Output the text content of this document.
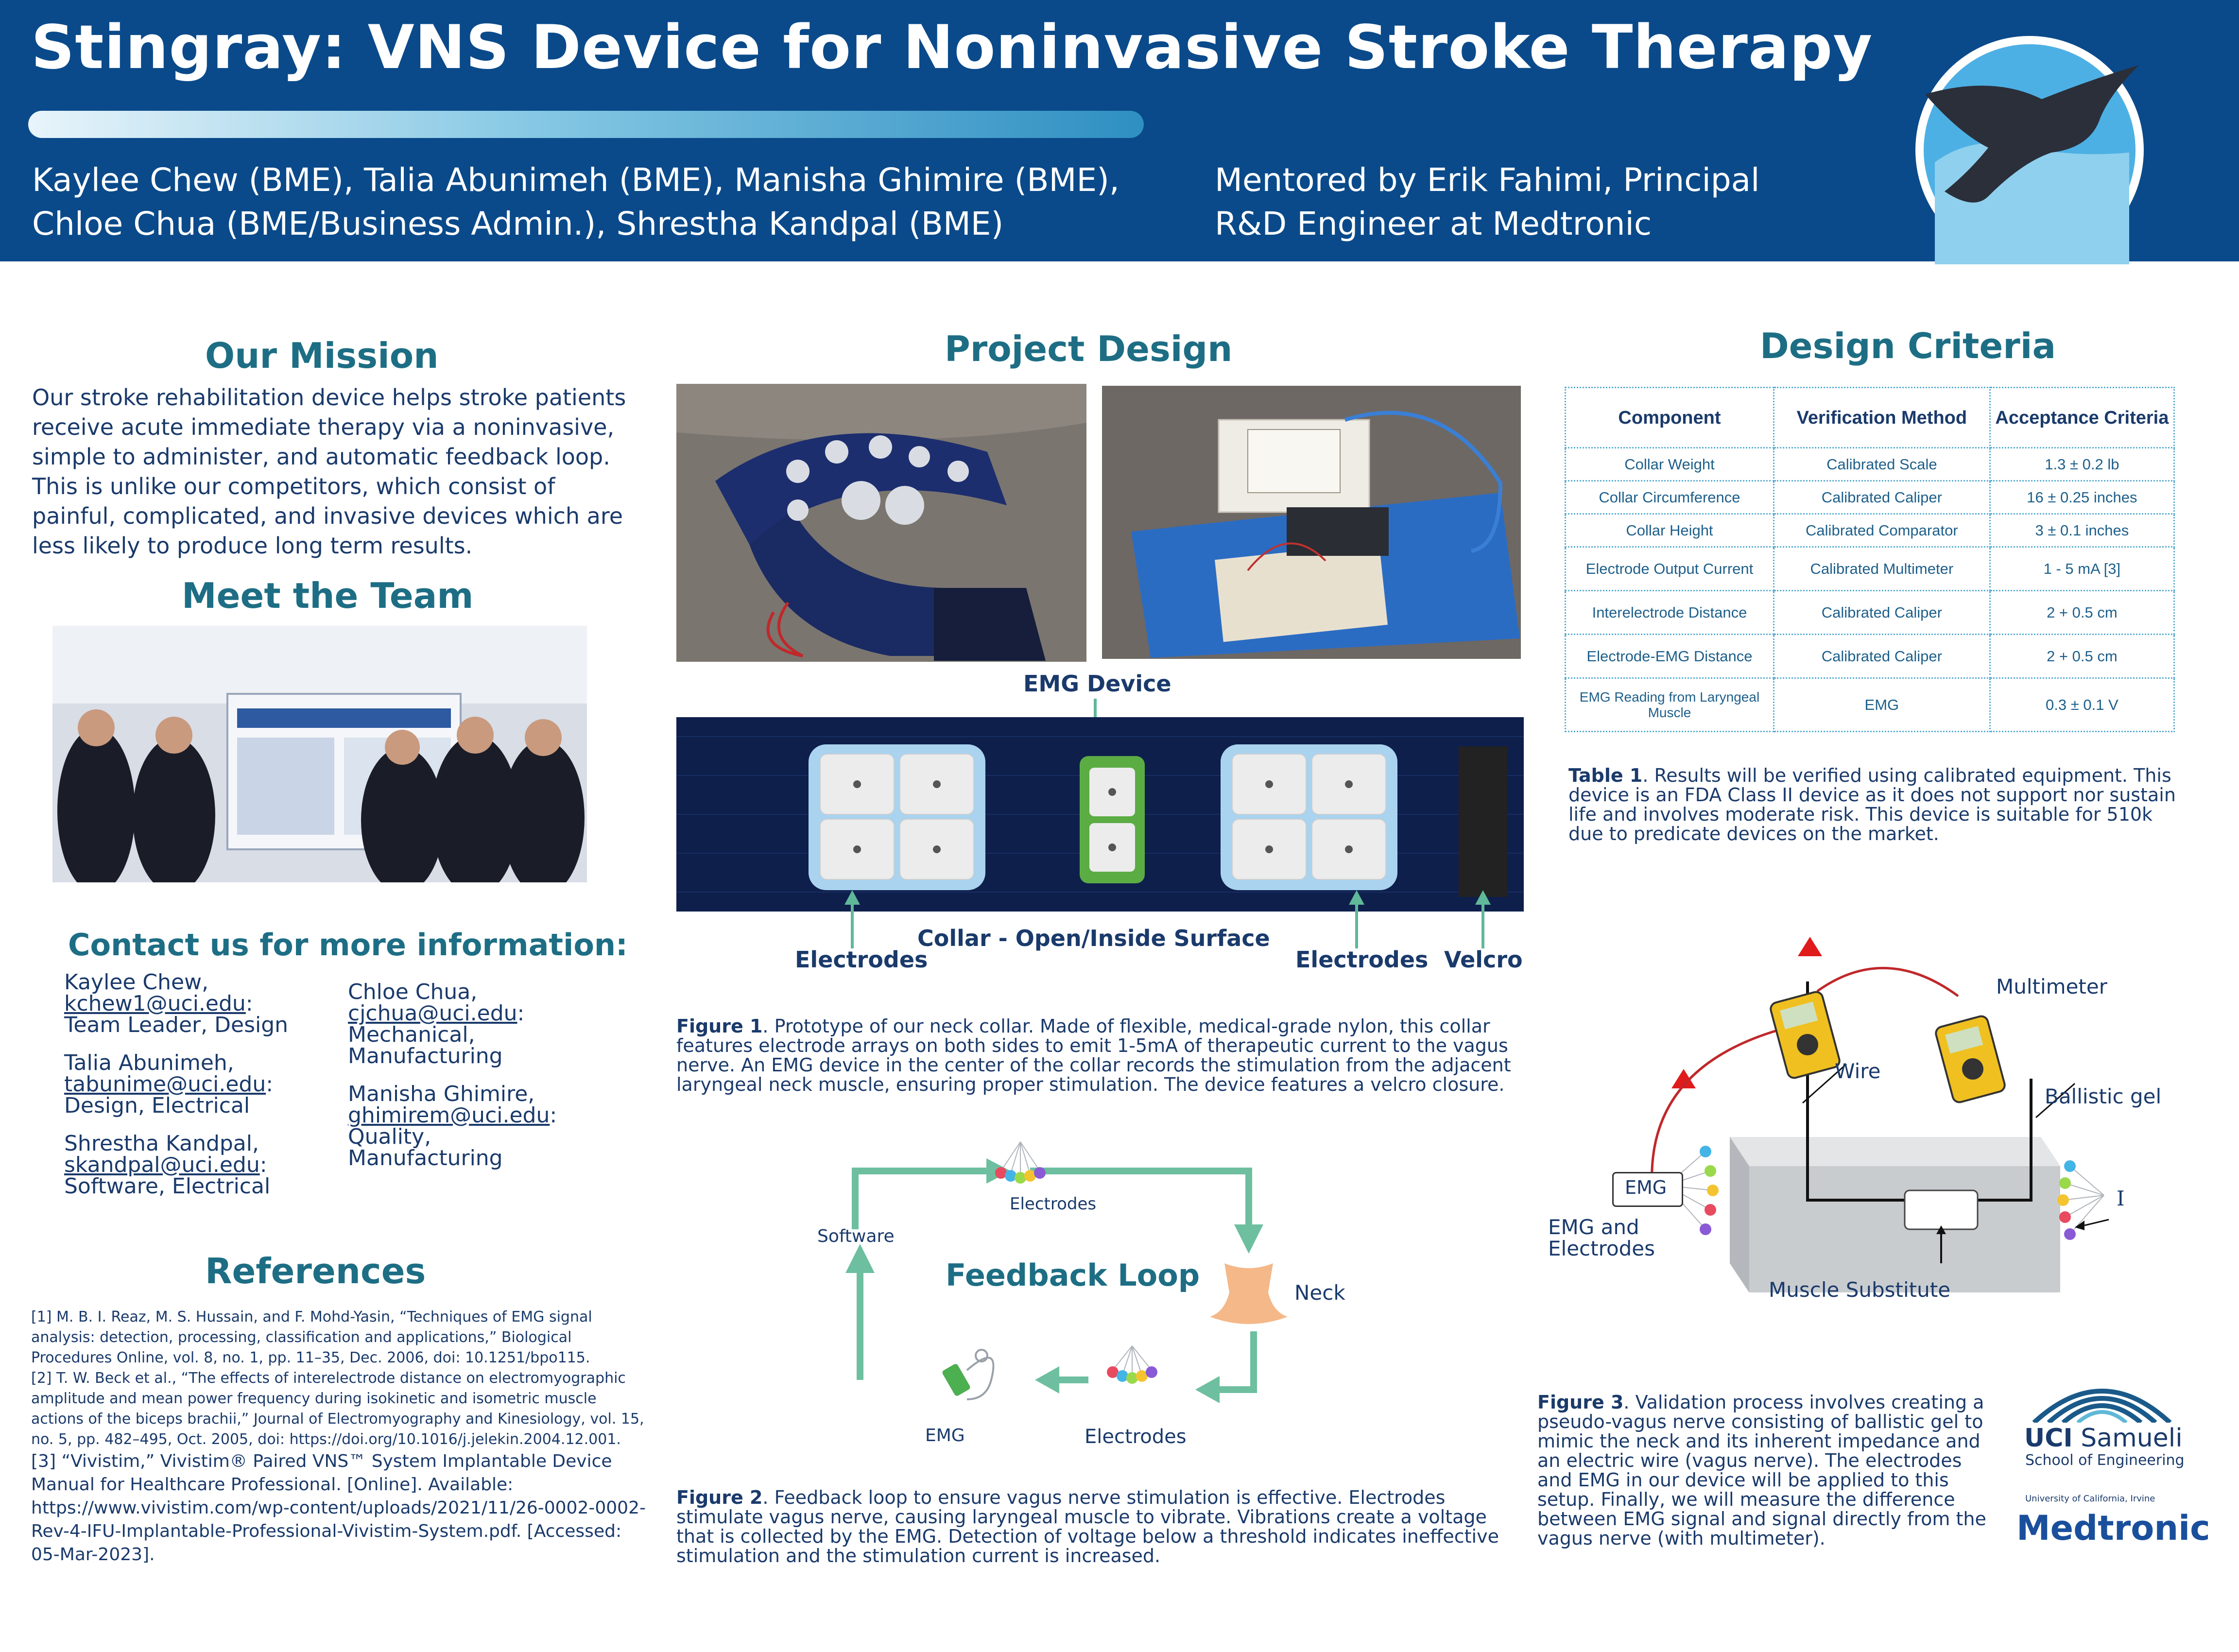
Stingray: VNS Device for Noninvasive Stroke Therapy
Kaylee Chew (BME), Talia Abunimeh (BME), Manisha Ghimire (BME),
Chloe Chua (BME/Business Admin.), Shrestha Kandpal (BME)
Mentored by Erik Fahimi, Principal
R&D Engineer at Medtronic
Our Mission
Our stroke rehabilitation device helps stroke patients receive acute immediate therapy via a noninvasive, simple to administer, and automatic feedback loop. This is unlike our competitors, which consist of painful, complicated, and invasive devices which are less likely to produce long term results.
Meet the Team
Contact us for more information:
Kaylee Chew,
kchew1@uci.edu:
Team Leader, Design
Talia Abunimeh,
tabunime@uci.edu:
Design, Electrical
Shrestha Kandpal,
skandpal@uci.edu:
Software, Electrical
Chloe Chua,
cjchua@uci.edu:
Mechanical,
Manufacturing
Manisha Ghimire,
ghimirem@uci.edu:
Quality,
Manufacturing
References
[1] M. B. I. Reaz, M. S. Hussain, and F. Mohd-Yasin, “Techniques of EMG signal analysis: detection, processing, classification and applications,” Biological Procedures Online, vol. 8, no. 1, pp. 11–35, Dec. 2006, doi: 10.1251/bpo115.
[2] T. W. Beck et al., “The effects of interelectrode distance on electromyographic amplitude and mean power frequency during isokinetic and isometric muscle actions of the biceps brachii,” Journal of Electromyography and Kinesiology, vol. 15, no. 5, pp. 482–495, Oct. 2005, doi: https://doi.org/10.1016/j.jelekin.2004.12.001.
[3] “Vivistim,” Vivistim® Paired VNS™ System Implantable Device Manual for Healthcare Professional. [Online]. Available: https://www.vivistim.com/wp-content/uploads/2021/11/26-0002-0002-Rev-4-IFU-Implantable-Professional-Vivistim-System.pdf. [Accessed: 05-Mar-2023].
Project Design
EMG Device
Collar - Open/Inside Surface
Electrodes	Electrodes Velcro
Figure 1. Prototype of our neck collar. Made of flexible, medical-grade nylon, this collar features electrode arrays on both sides to emit 1-5mA of therapeutic current to the vagus nerve. An EMG device in the center of the collar records the stimulation from the adjacent laryngeal neck muscle, ensuring proper stimulation. The device features a velcro closure.
Electrodes
Software
Feedback Loop	Neck
EMG	Electrodes
Figure 2. Feedback loop to ensure vagus nerve stimulation is effective. Electrodes stimulate vagus nerve, causing laryngeal muscle to vibrate. Vibrations create a voltage that is collected by the EMG. Detection of voltage below a threshold indicates ineffective stimulation and the stimulation current is increased.
Design Criteria
Component	Verification Method	Acceptance Criteria
Collar Weight	Calibrated Scale	1.3 ± 0.2 lb
Collar Circumference	Calibrated Caliper	16 ± 0.25 inches
Collar Height	Calibrated Comparator	3 ± 0.1 inches
Electrode Output Current	Calibrated Multimeter	1 - 5 mA [3]
Interelectrode Distance	Calibrated Caliper	2 + 0.5 cm
Electrode-EMG Distance	Calibrated Caliper	2 + 0.5 cm
EMG Reading from Laryngeal Muscle	EMG	0.3 ± 0.1 V
Table 1. Results will be verified using calibrated equipment. This device is an FDA Class II device as it does not support nor sustain life and involves moderate risk. This device is suitable for 510k due to predicate devices on the market.
EMG
Multimeter
Wire
Ballistic gel
EMG and
Electrodes
I
Muscle Substitute
Figure 3. Validation process involves creating a pseudo-vagus nerve consisting of ballistic gel to mimic the neck and its inherent impedance and an electric wire (vagus nerve). The electrodes and EMG in our device will be applied to this setup. Finally, we will measure the difference between EMG signal and signal directly from the vagus nerve (with multimeter).
UCI Samueli
School of Engineering
University of California, Irvine
Medtronic
